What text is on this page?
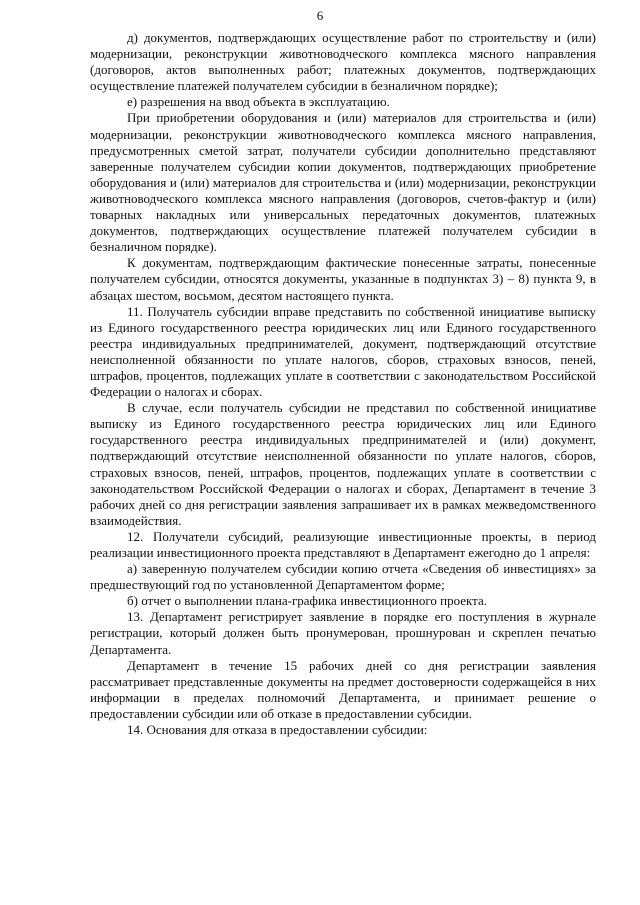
6

д) документов, подтверждающих осуществление работ по строительству и (или) модернизации, реконструкции животноводческого комплекса мясного направления (договоров, актов выполненных работ; платежных документов, подтверждающих осуществление платежей получателем субсидии в безналичном порядке);

е) разрешения на ввод объекта в эксплуатацию.

При приобретении оборудования и (или) материалов для строительства и (или) модернизации, реконструкции животноводческого комплекса мясного направления, предусмотренных сметой затрат, получатели субсидии дополнительно представляют заверенные получателем субсидии копии документов, подтверждающих приобретение оборудования и (или) материалов для строительства и (или) модернизации, реконструкции животноводческого комплекса мясного направления (договоров, счетов-фактур и (или) товарных накладных или универсальных передаточных документов, платежных документов, подтверждающих осуществление платежей получателем субсидии в безналичном порядке).

К документам, подтверждающим фактические понесенные затраты, понесенные получателем субсидии, относятся документы, указанные в подпунктах 3) – 8) пункта 9, в абзацах шестом, восьмом, десятом настоящего пункта.

11. Получатель субсидии вправе представить по собственной инициативе выписку из Единого государственного реестра юридических лиц или Единого государственного реестра индивидуальных предпринимателей, документ, подтверждающий отсутствие неисполненной обязанности по уплате налогов, сборов, страховых взносов, пеней, штрафов, процентов, подлежащих уплате в соответствии с законодательством Российской Федерации о налогах и сборах.

В случае, если получатель субсидии не представил по собственной инициативе выписку из Единого государственного реестра юридических лиц или Единого государственного реестра индивидуальных предпринимателей и (или) документ, подтверждающий отсутствие неисполненной обязанности по уплате налогов, сборов, страховых взносов, пеней, штрафов, процентов, подлежащих уплате в соответствии с законодательством Российской Федерации о налогах и сборах, Департамент в течение 3 рабочих дней со дня регистрации заявления запрашивает их в рамках межведомственного взаимодействия.

12. Получатели субсидий, реализующие инвестиционные проекты, в период реализации инвестиционного проекта представляют в Департамент ежегодно до 1 апреля:

а) заверенную получателем субсидии копию отчета «Сведения об инвестициях» за предшествующий год по установленной Департаментом форме;

б) отчет о выполнении плана-графика инвестиционного проекта.

13. Департамент регистрирует заявление в порядке его поступления в журнале регистрации, который должен быть пронумерован, прошнурован и скреплен печатью Департамента.

Департамент в течение 15 рабочих дней со дня регистрации заявления рассматривает представленные документы на предмет достоверности содержащейся в них информации в пределах полномочий Департамента, и принимает решение о предоставлении субсидии или об отказе в предоставлении субсидии.

14. Основания для отказа в предоставлении субсидии:
